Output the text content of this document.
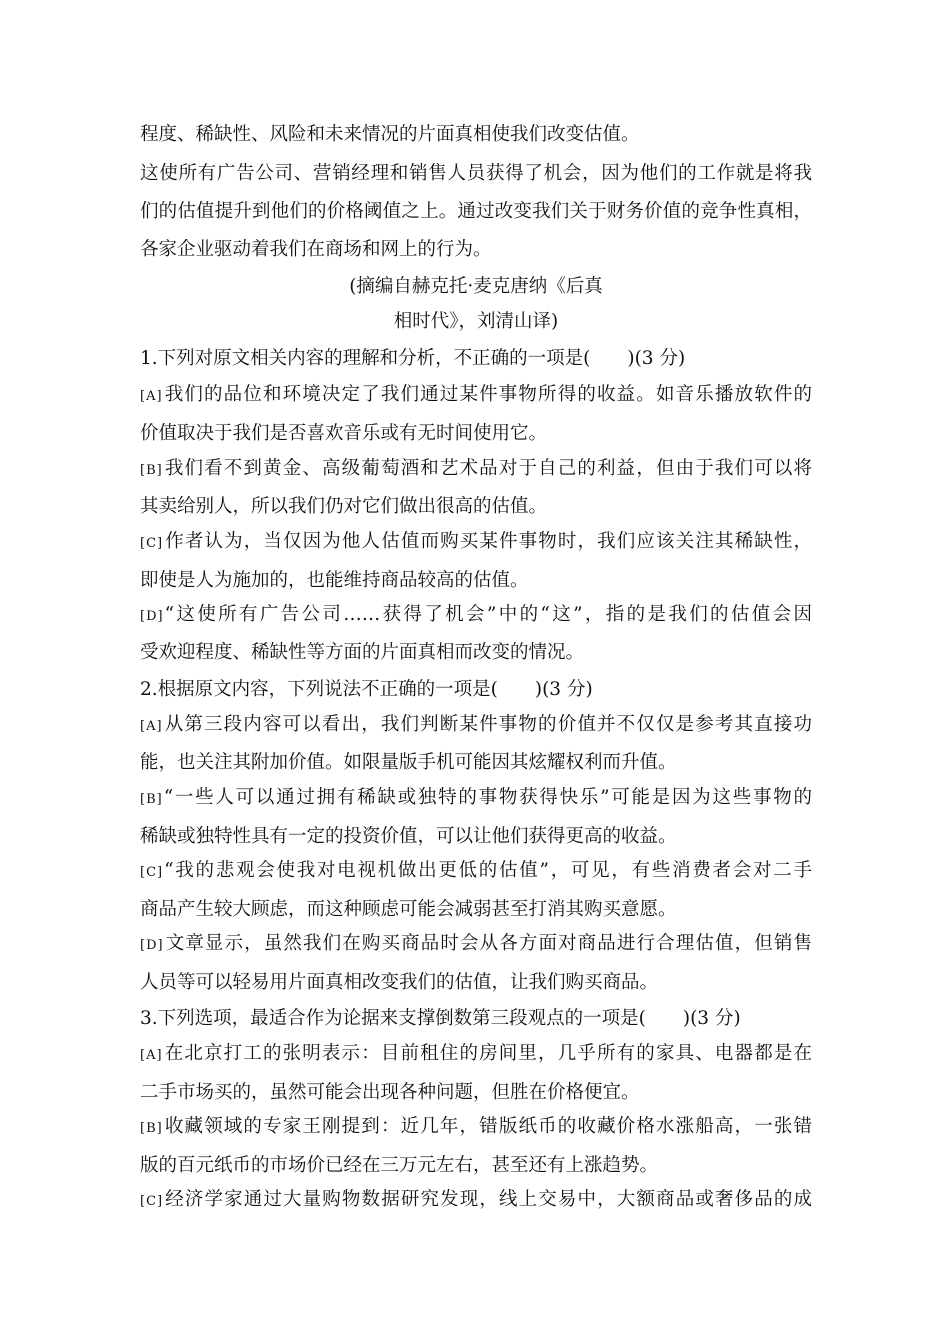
程度、稀缺性、风险和未来情况的片面真相使我们改变估值。
这使所有广告公司、营销经理和销售人员获得了机会，因为他们的工作就是将我
们的估值提升到他们的价格阈值之上。通过改变我们关于财务价值的竞争性真相，
各家企业驱动着我们在商场和网上的行为。
(摘编自赫克托·麦克唐纳《后真
相时代》，刘清山译)
1.下列对原文相关内容的理解和分析，不正确的一项是(　　)(3 分)
[A]我们的品位和环境决定了我们通过某件事物所得的收益。如音乐播放软件的
价值取决于我们是否喜欢音乐或有无时间使用它。
[B]我们看不到黄金、高级葡萄酒和艺术品对于自己的利益，但由于我们可以将
其卖给别人，所以我们仍对它们做出很高的估值。
[C]作者认为，当仅因为他人估值而购买某件事物时，我们应该关注其稀缺性，
即使是人为施加的，也能维持商品较高的估值。
[D]“这使所有广告公司……获得了机会”中的“这”，指的是我们的估值会因
受欢迎程度、稀缺性等方面的片面真相而改变的情况。
2.根据原文内容，下列说法不正确的一项是(　　)(3 分)
[A]从第三段内容可以看出，我们判断某件事物的价值并不仅仅是参考其直接功
能，也关注其附加价值。如限量版手机可能因其炫耀权利而升值。
[B]“一些人可以通过拥有稀缺或独特的事物获得快乐”可能是因为这些事物的
稀缺或独特性具有一定的投资价值，可以让他们获得更高的收益。
[C]“我的悲观会使我对电视机做出更低的估值”，可见，有些消费者会对二手
商品产生较大顾虑，而这种顾虑可能会减弱甚至打消其购买意愿。
[D]文章显示，虽然我们在购买商品时会从各方面对商品进行合理估值，但销售
人员等可以轻易用片面真相改变我们的估值，让我们购买商品。
3.下列选项，最适合作为论据来支撑倒数第三段观点的一项是(　　)(3 分)
[A]在北京打工的张明表示：目前租住的房间里，几乎所有的家具、电器都是在
二手市场买的，虽然可能会出现各种问题，但胜在价格便宜。
[B]收藏领域的专家王刚提到：近几年，错版纸币的收藏价格水涨船高，一张错
版的百元纸币的市场价已经在三万元左右，甚至还有上涨趋势。
[C]经济学家通过大量购物数据研究发现，线上交易中，大额商品或奢侈品的成
